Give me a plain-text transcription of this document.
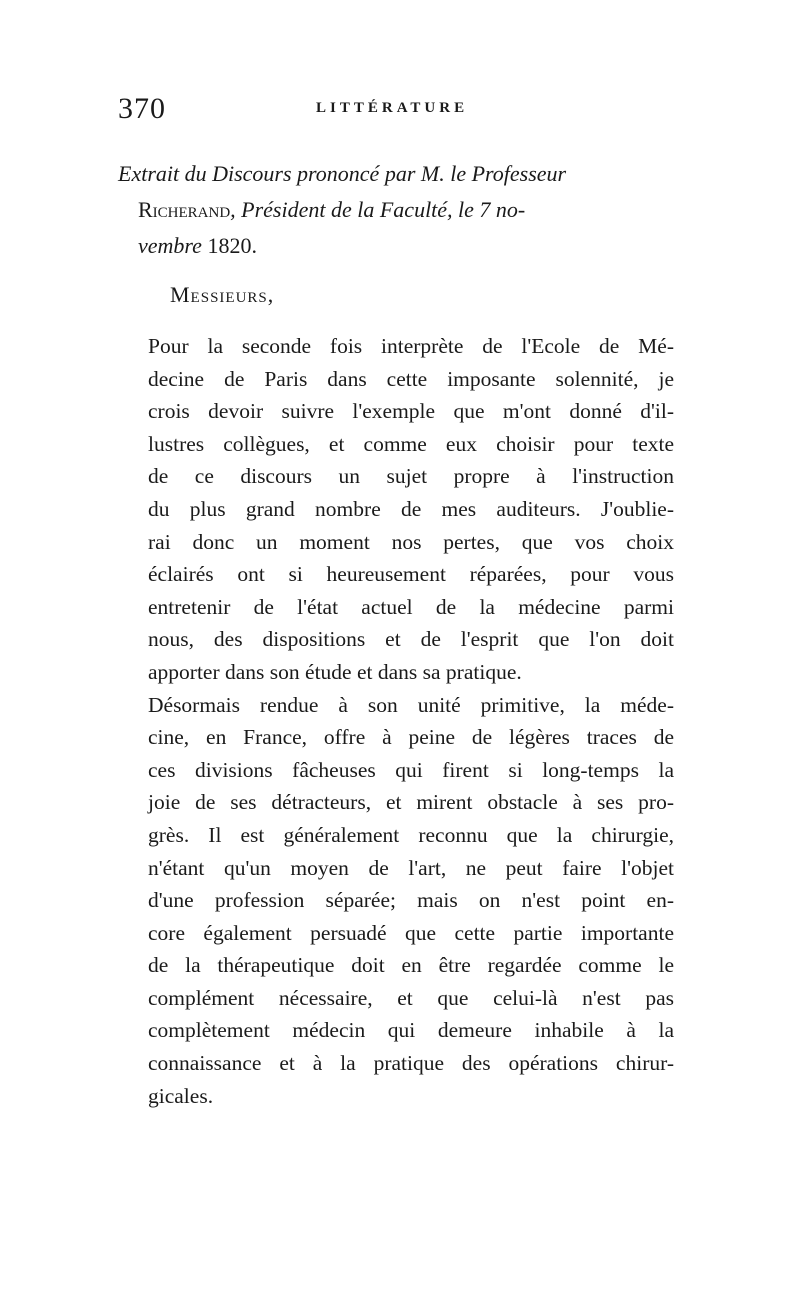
370	LITTÉRATURE
Extrait du Discours prononcé par M. le Professeur
Richerand, Président de la Faculté, le 7 no-
vembre 1820.
Messieurs,

Pour la seconde fois interprète de l'Ecole de Mé-
decine de Paris dans cette imposante solennité, je
crois devoir suivre l'exemple que m'ont donné d'il-
lustres collègues, et comme eux choisir pour texte
de ce discours un sujet propre à l'instruction
du plus grand nombre de mes auditeurs. J'oublie-
rai donc un moment nos pertes, que vos choix
éclairés ont si heureusement réparées, pour vous
entretenir de l'état actuel de la médecine parmi
nous, des dispositions et de l'esprit que l'on doit
apporter dans son étude et dans sa pratique.

Désormais rendue à son unité primitive, la méde-
cine, en France, offre à peine de légères traces de
ces divisions fâcheuses qui firent si long-temps la
joie de ses détracteurs, et mirent obstacle à ses pro-
grès. Il est généralement reconnu que la chirurgie,
n'étant qu'un moyen de l'art, ne peut faire l'objet
d'une profession séparée; mais on n'est point en-
core également persuadé que cette partie importante
de la thérapeutique doit en être regardée comme le
complément nécessaire, et que celui-là n'est pas
complètement médecin qui demeure inhabile à la
connaissance et à la pratique des opérations chirur-
gicales.
